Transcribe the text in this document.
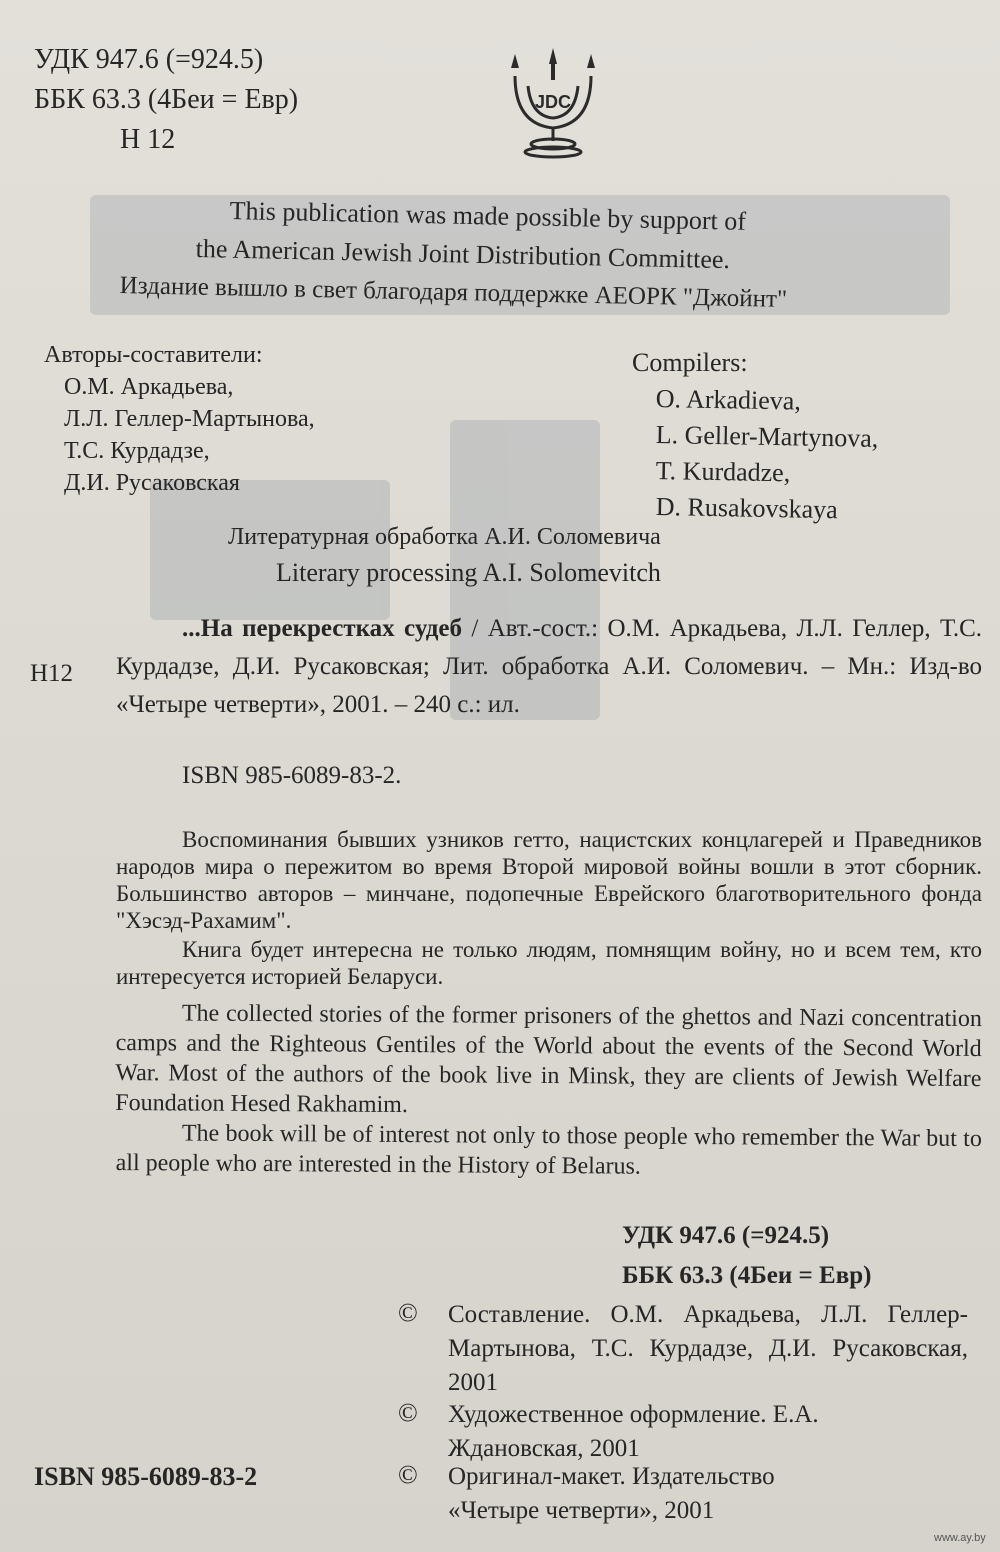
УДК 947.6 (=924.5)

ББК 63.3 (4Беи = Евр)

Н 12

JDC

This publication was made possible by support of

the American Jewish Joint Distribution Committee.

Издание вышло в свет благодаря поддержке АЕОРК "Джойнт"

Авторы-составители:

О.М. Аркадьева,

Л.Л. Геллер-Мартынова,

Т.С. Курдадзе,

Д.И. Русаковская

Compilers:

O. Arkadieva,

L. Geller-Martynova,

T. Kurdadze,

D. Rusakovskaya

Литературная обработка А.И. Соломевича

Literary processing A.I. Solomevitch

Н12

...На перекрестках судеб / Авт.-сост.: О.М. Аркадьева, Л.Л. Геллер, Т.С. Курдадзе, Д.И. Русаковская; Лит. обработка А.И. Соломевич. – Мн.: Изд-во «Четыре четверти», 2001. – 240 с.: ил.

ISBN 985-6089-83-2.

Воспоминания бывших узников гетто, нацистских концлагерей и Праведников народов мира о пережитом во время Второй мировой войны вошли в этот сборник. Большинство авторов – минчане, подопечные Еврейского благотворительного фонда "Хэсэд-Рахамим".

Книга будет интересна не только людям, помнящим войну, но и всем тем, кто интересуется историей Беларуси.

The collected stories of the former prisoners of the ghettos and Nazi concentration camps and the Righteous Gentiles of the World about the events of the Second World War. Most of the authors of the book live in Minsk, they are clients of Jewish Welfare Foundation Hesed Rakhamim.

The book will be of interest not only to those people who remember the War but to all people who are interested in the History of Belarus.

УДК 947.6 (=924.5)

ББК 63.3 (4Беи = Евр)

© Составление. О.М. Аркадьева, Л.Л. Геллер-Мартынова, Т.С. Курдадзе, Д.И. Русаковская, 2001

© Художественное оформление. Е.А. Ждановская, 2001

© Оригинал-макет. Издательство «Четыре четверти», 2001

ISBN 985-6089-83-2

www.ay.by
